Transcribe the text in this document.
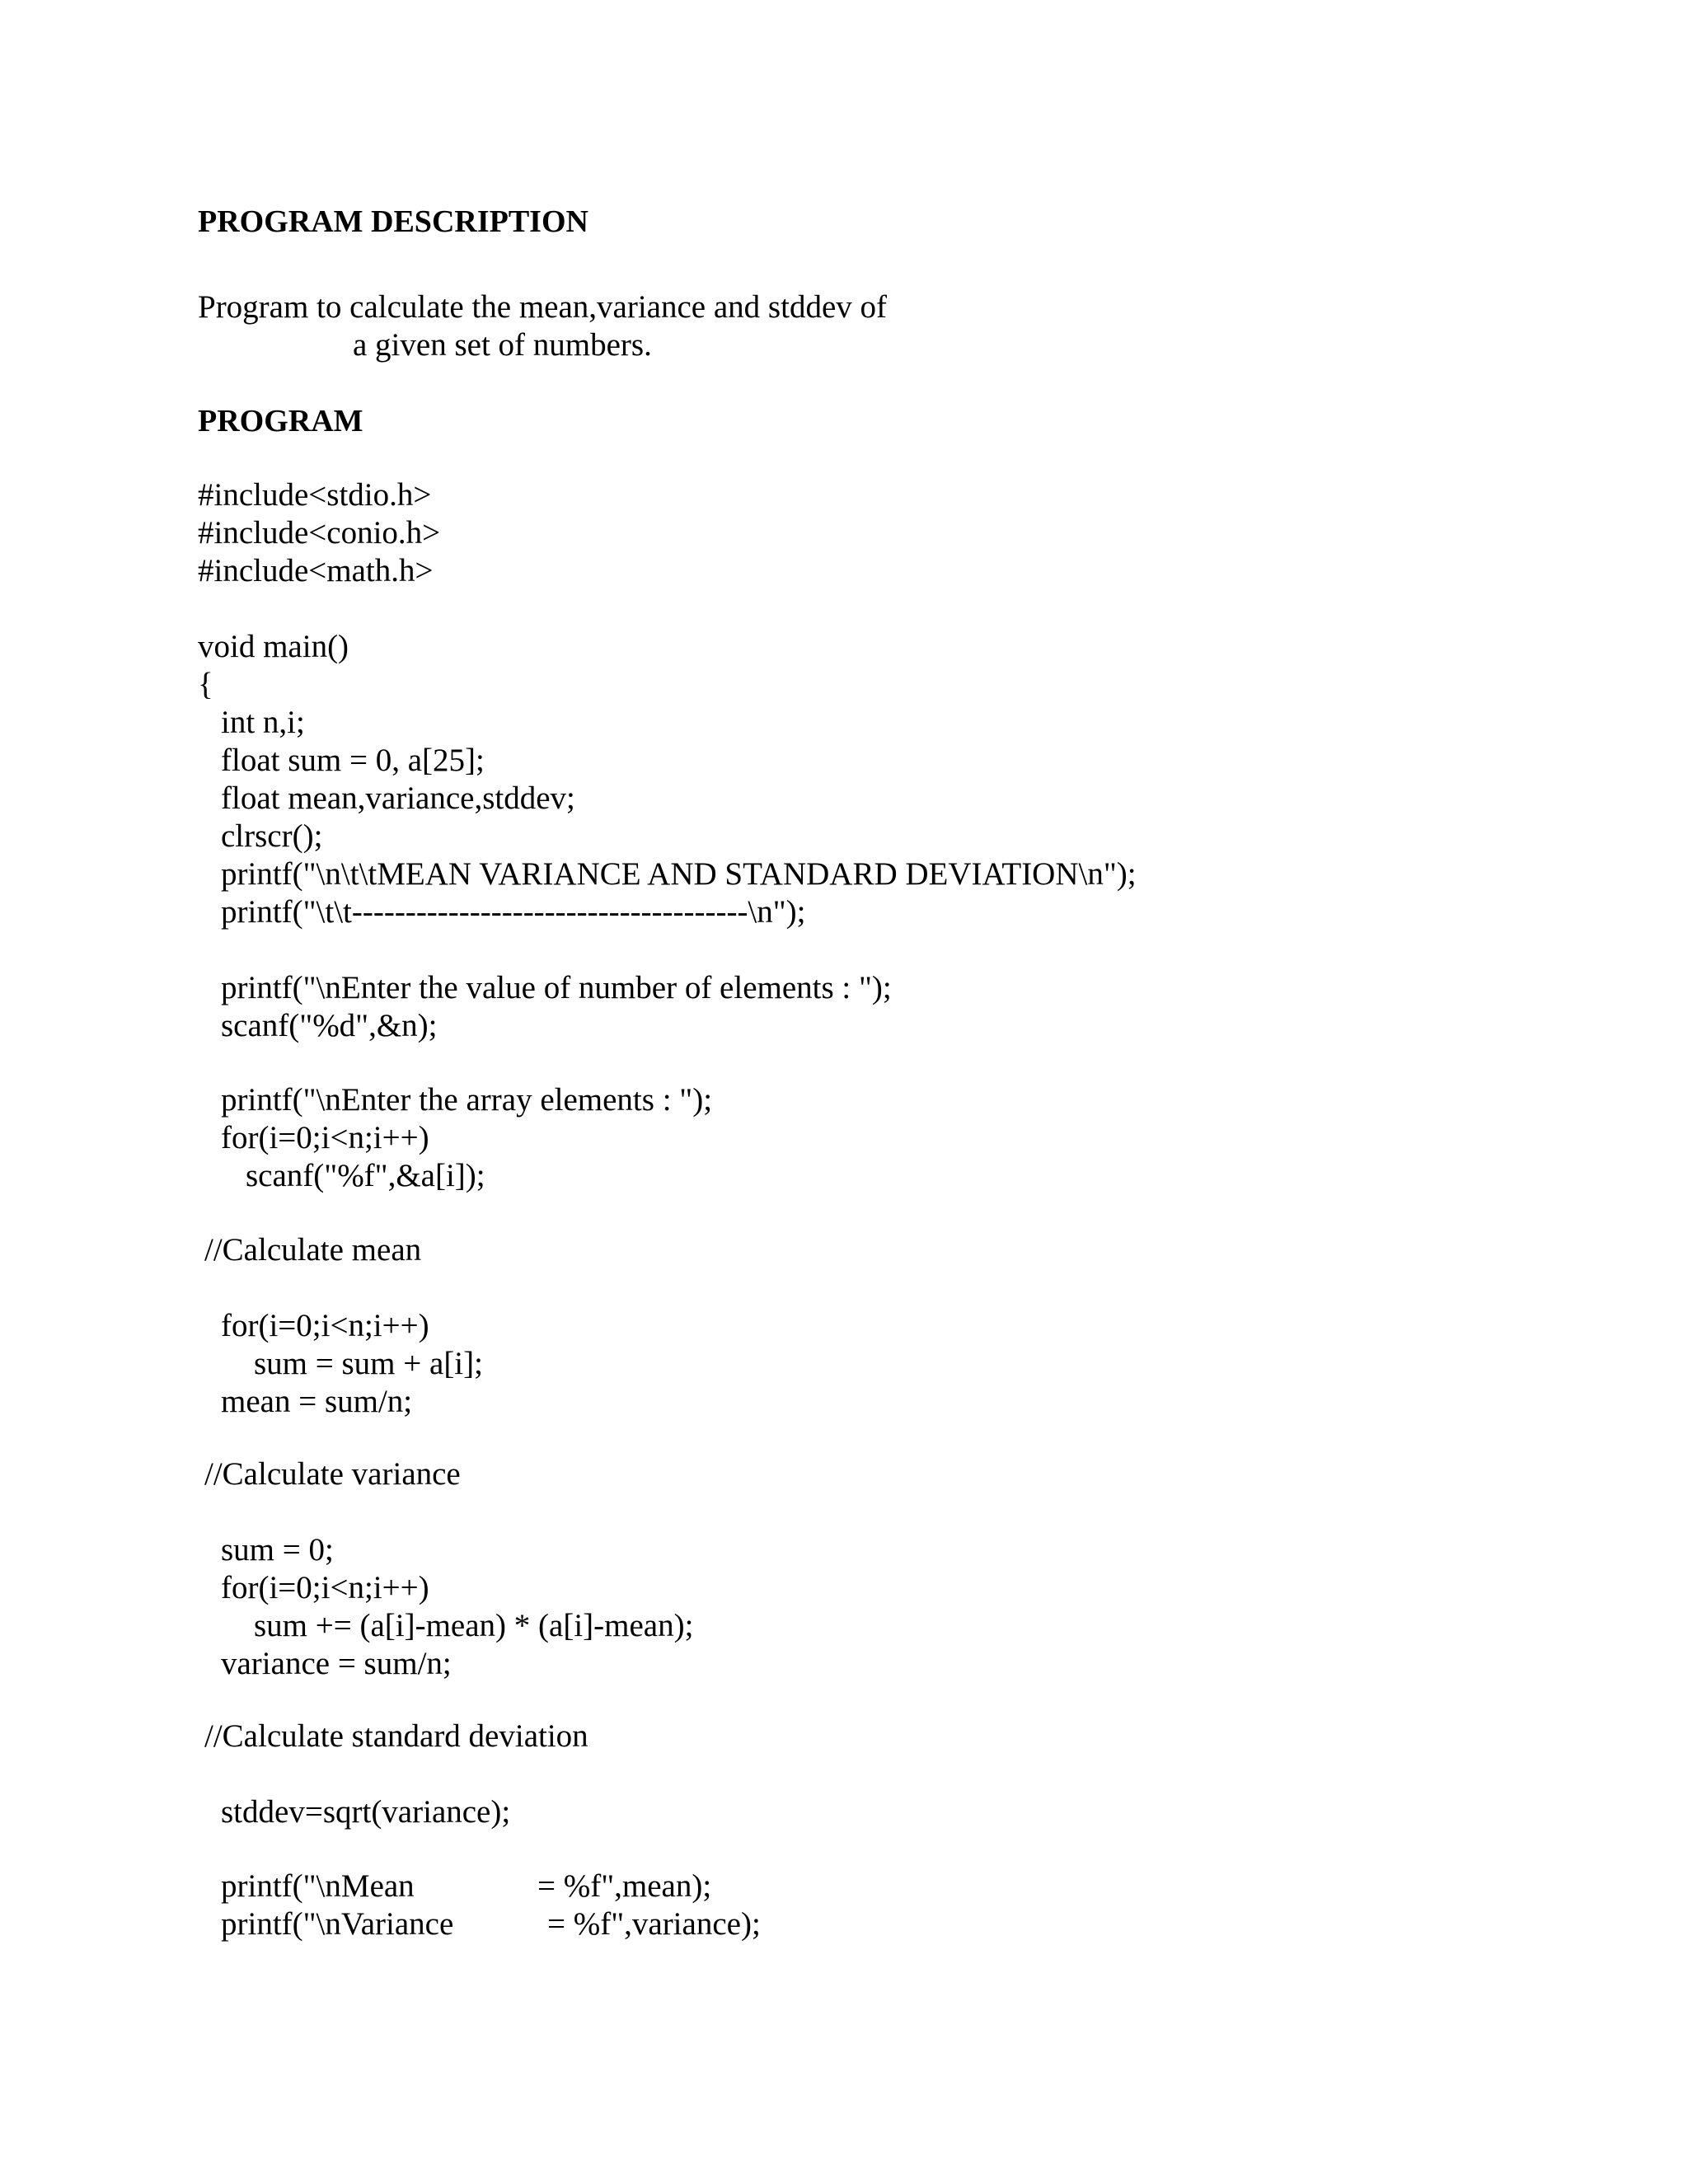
PROGRAM DESCRIPTION
Program to calculate the mean,variance and stddev of
a given set of numbers.
PROGRAM
#include<stdio.h>
#include<conio.h>
#include<math.h>
void main()
{
int n,i;
float sum = 0, a[25];
float mean,variance,stddev;
clrscr();
printf("\n\t\tMEAN VARIANCE AND STANDARD DEVIATION\n");
printf("\t\t-------------------------------------\n");
printf("\nEnter the value of number of elements : ");
scanf("%d",&n);
printf("\nEnter the array elements : ");
for(i=0;i<n;i++)
scanf("%f",&a[i]);
//Calculate mean
for(i=0;i<n;i++)
sum = sum + a[i];
mean = sum/n;
//Calculate variance
sum = 0;
for(i=0;i<n;i++)
sum += (a[i]-mean) * (a[i]-mean);
variance = sum/n;
//Calculate standard deviation
stddev=sqrt(variance);
printf("\nMean	= %f",mean);
printf("\nVariance	= %f",variance);
